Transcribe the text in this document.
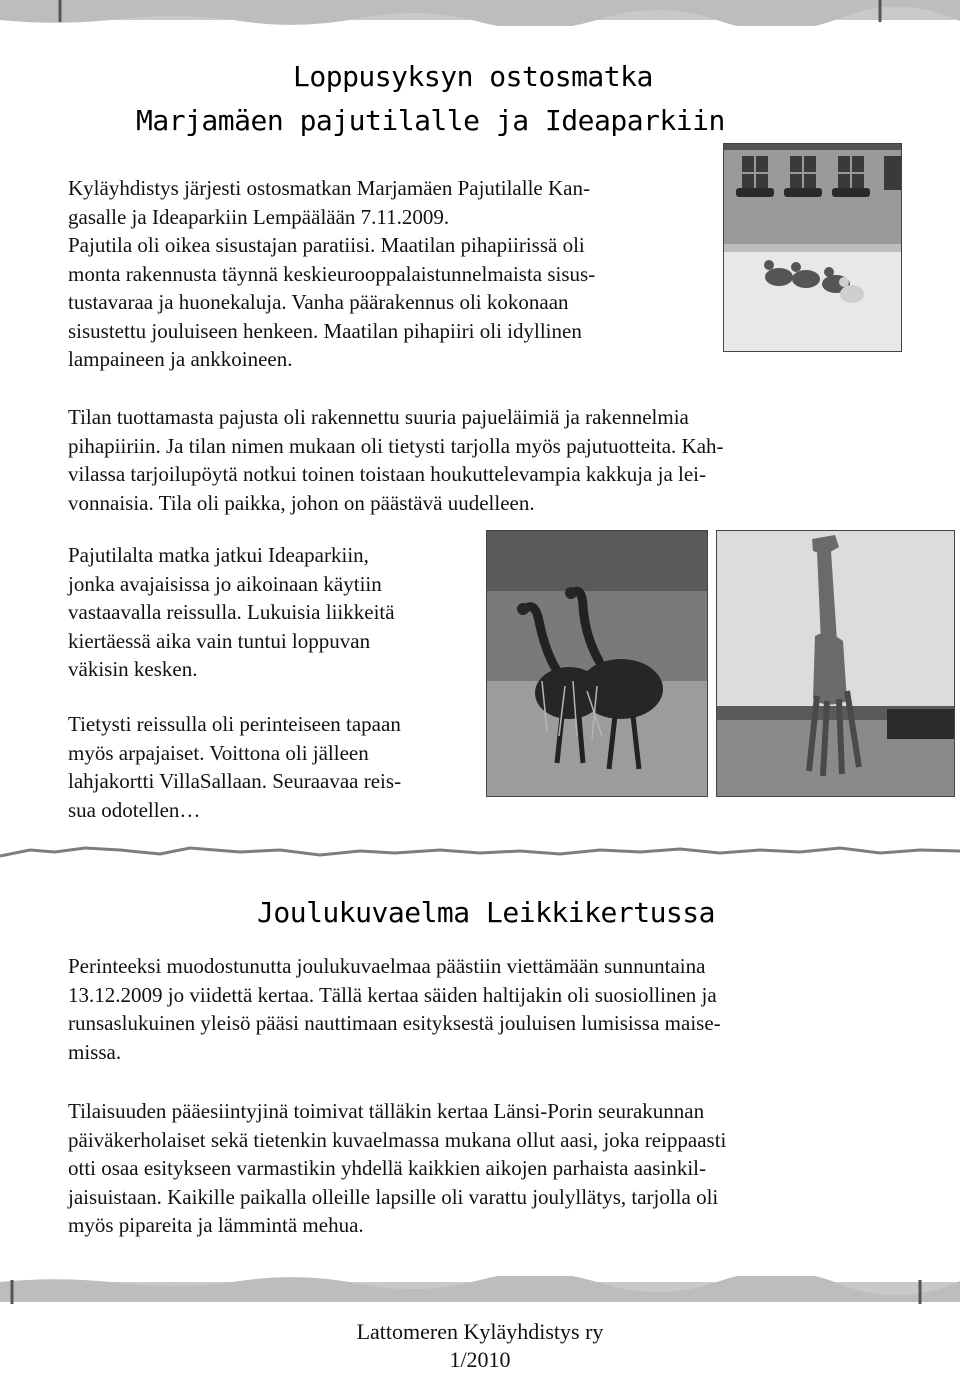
Loppusyksyn ostosmatka
Marjamäen pajutilalle ja Ideaparkiin
Kyläyhdistys järjesti ostosmatkan Marjamäen Pajutilalle Kan-
gasalle ja Ideaparkiin Lempäälään 7.11.2009.
Pajutila oli oikea sisustajan paratiisi. Maatilan pihapiirissä oli
monta rakennusta täynnä keskieurooppalaistunnelmaista sisus-
tustavaraa ja huonekaluja. Vanha päärakennus oli kokonaan
sisustettu jouluiseen henkeen. Maatilan pihapiiri oli idyllinen
lampaineen ja ankkoineen.
Tilan tuottamasta pajusta oli rakennettu suuria pajueläimiä ja rakennelmia
pihapiiriin. Ja tilan nimen mukaan oli tietysti tarjolla myös pajutuotteita. Kah-
vilassa tarjoilupöytä notkui toinen toistaan houkuttelevampia kakkuja ja lei-
vonnaisia. Tila oli paikka, johon on päästävä uudelleen.
Pajutilalta matka jatkui Ideaparkiin,
jonka avajaisissa jo aikoinaan käytiin
vastaavalla reissulla. Lukuisia liikkeitä
kiertäessä aika vain tuntui loppuvan
väkisin kesken.
Tietysti reissulla oli perinteiseen tapaan
myös arpajaiset. Voittona oli jälleen
lahjakortti VillaSallaan. Seuraavaa reis-
sua odotellen…
Joulukuvaelma Leikkikertussa
Perinteeksi muodostunutta joulukuvaelmaa päästiin viettämään sunnuntaina
13.12.2009 jo viidettä kertaa. Tällä kertaa säiden haltijakin oli suosiollinen ja
runsaslukuinen yleisö pääsi nauttimaan esityksestä jouluisen lumisissa maise-
missa.
Tilaisuuden pääesiintyjinä toimivat tälläkin kertaa Länsi-Porin seurakunnan
päiväkerholaiset sekä tietenkin kuvaelmassa mukana ollut aasi, joka reippaasti
otti osaa esitykseen varmastikin yhdellä kaikkien aikojen parhaista aasinkil-
jaisuistaan. Kaikille paikalla olleille lapsille oli varattu joulyllätys, tarjolla oli
myös pipareita ja lämmintä mehua.
Lattomeren Kyläyhdistys ry
1/2010
